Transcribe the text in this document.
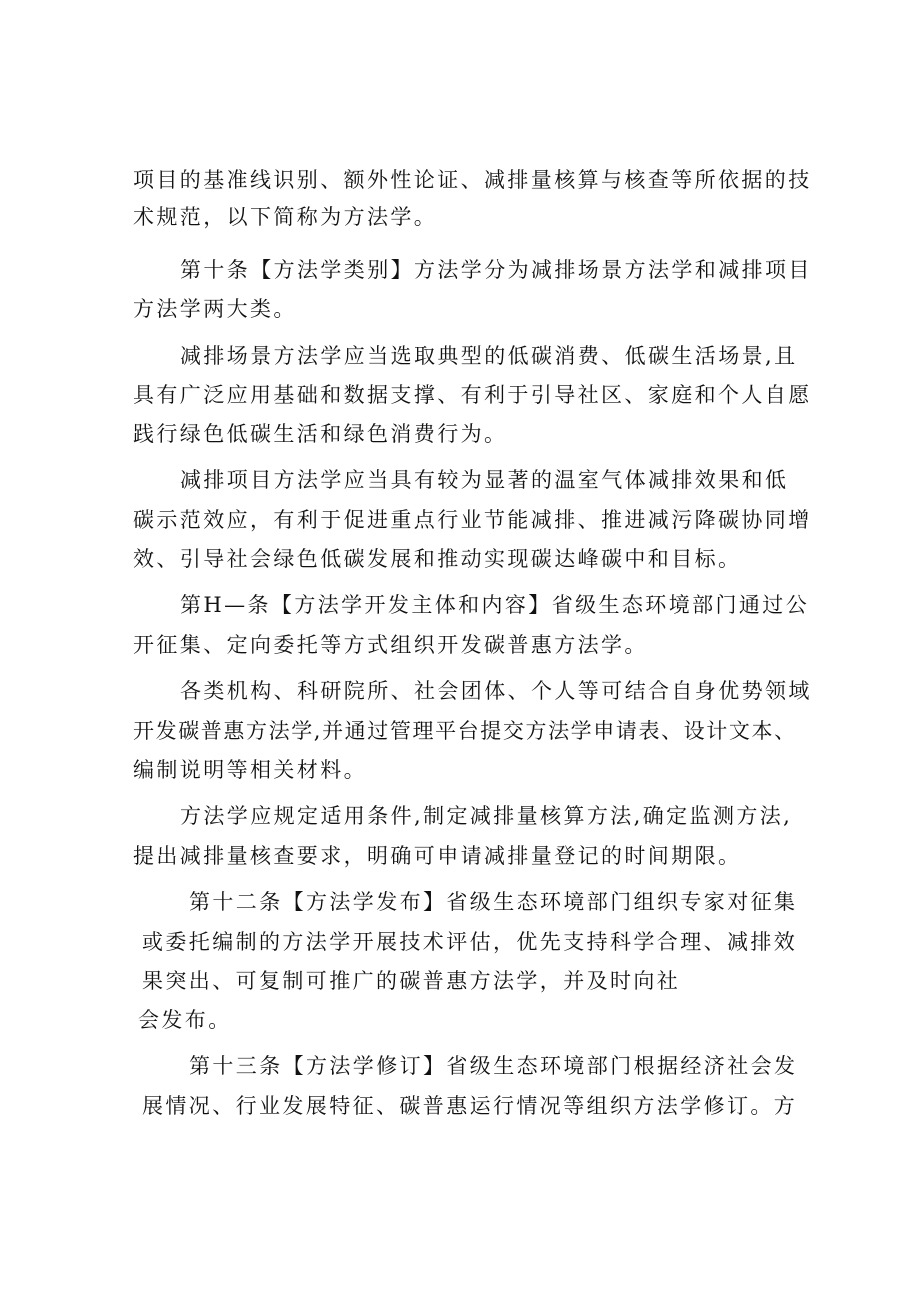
项目的基准线识别、额外性论证、减排量核算与核查等所依据的技
术规范，以下简称为方法学。
第十条【方法学类别】方法学分为减排场景方法学和减排项目
方法学两大类。
减排场景方法学应当选取典型的低碳消费、低碳生活场景,且
具有广泛应用基础和数据支撑、有利于引导社区、家庭和个人自愿
践行绿色低碳生活和绿色消费行为。
减排项目方法学应当具有较为显著的温室气体减排效果和低
碳示范效应，有利于促进重点行业节能减排、推进减污降碳协同增
效、引导社会绿色低碳发展和推动实现碳达峰碳中和目标。
第H—条【方法学开发主体和内容】省级生态环境部门通过公
开征集、定向委托等方式组织开发碳普惠方法学。
各类机构、科研院所、社会团体、个人等可结合自身优势领域
开发碳普惠方法学,并通过管理平台提交方法学申请表、设计文本、
编制说明等相关材料。
方法学应规定适用条件,制定减排量核算方法,确定监测方法,
提出减排量核查要求，明确可申请减排量登记的时间期限。
第十二条【方法学发布】省级生态环境部门组织专家对征集
或委托编制的方法学开展技术评估，优先支持科学合理、减排效
果突出、可复制可推广的碳普惠方法学，并及时向社
会发布。
第十三条【方法学修订】省级生态环境部门根据经济社会发
展情况、行业发展特征、碳普惠运行情况等组织方法学修订。方
